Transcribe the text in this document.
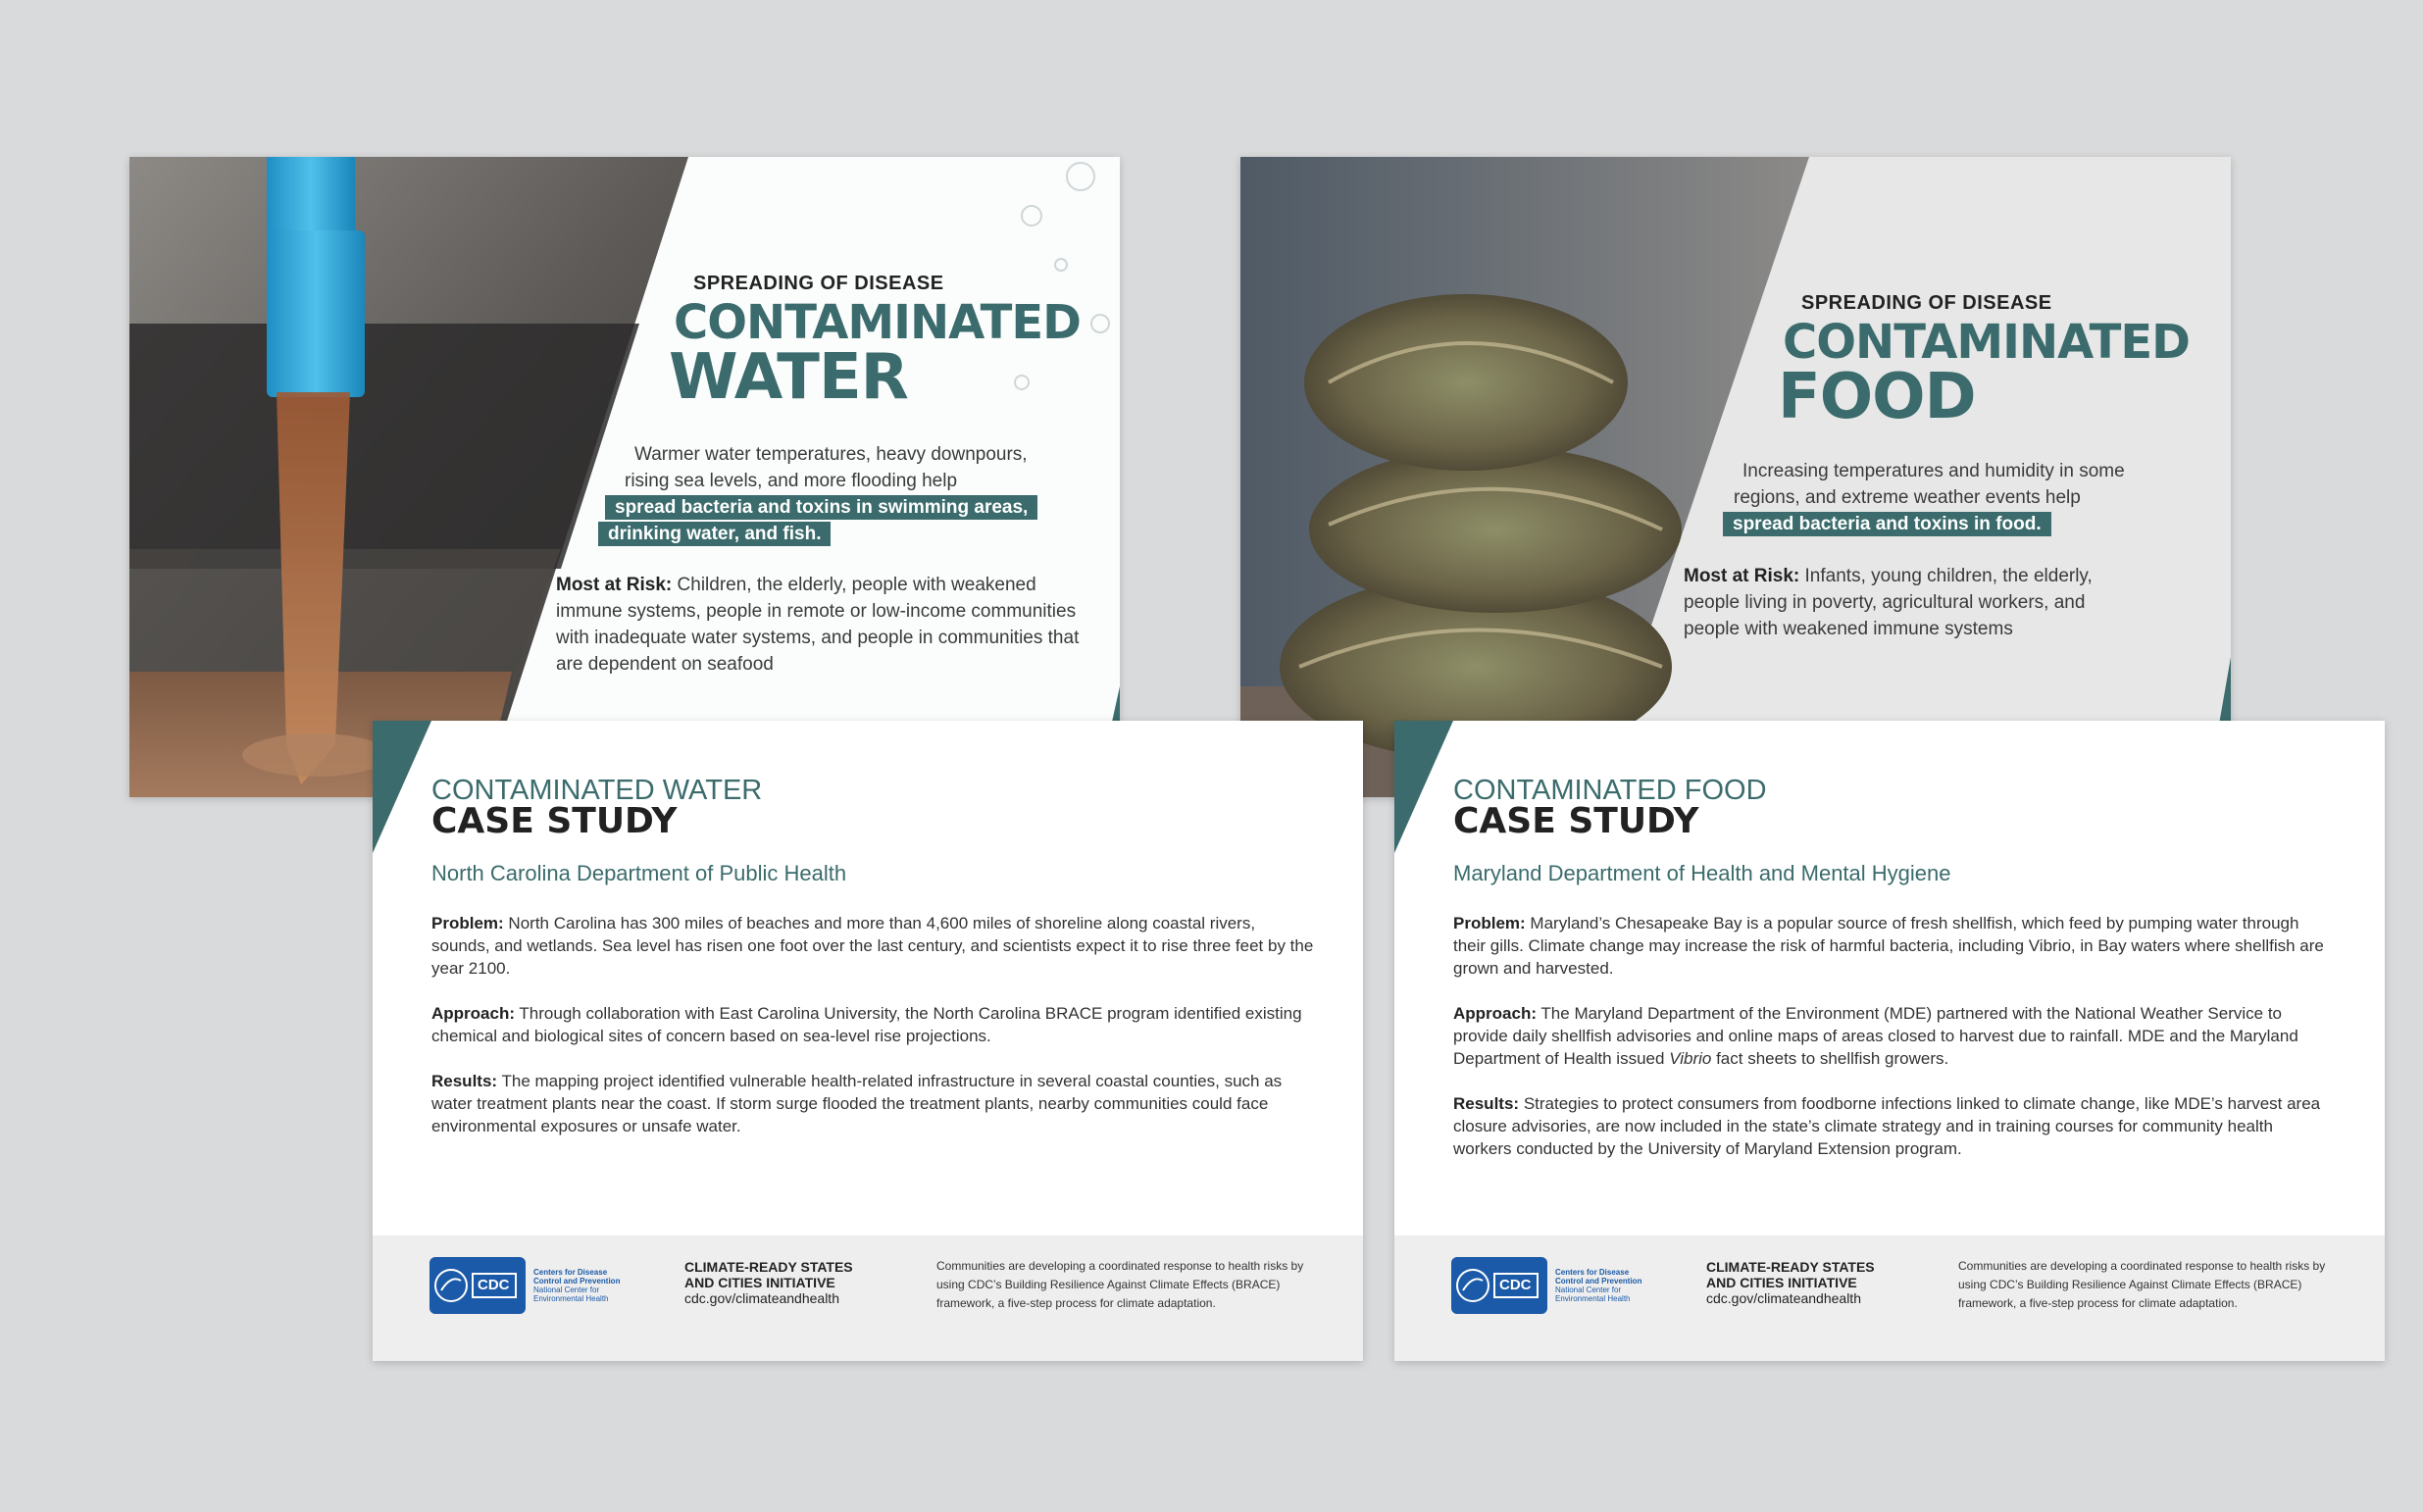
SPREADING OF DISEASE
CONTAMINATED
WATER
Warmer water temperatures, heavy downpours,
rising sea levels, and more flooding help
spread bacteria and toxins in swimming areas,
drinking water, and fish.
Most at Risk: Children, the elderly, people with weakened immune systems, people in remote or low-income communities with inadequate water systems, and people in communities that are dependent on seafood
SPREADING OF DISEASE
CONTAMINATED
FOOD
Increasing temperatures and humidity in some
regions, and extreme weather events help
spread bacteria and toxins in food.
Most at Risk: Infants, young children, the elderly, people living in poverty, agricultural workers, and people with weakened immune systems
CONTAMINATED WATER
CASE STUDY
North Carolina Department of Public Health

Problem: North Carolina has 300 miles of beaches and more than 4,600 miles of shoreline along coastal rivers, sounds, and wetlands. Sea level has risen one foot over the last century, and scientists expect it to rise three feet by the year 2100.

Approach: Through collaboration with East Carolina University, the North Carolina BRACE program identified existing chemical and biological sites of concern based on sea-level rise projections.

Results: The mapping project identified vulnerable health-related infrastructure in several coastal counties, such as water treatment plants near the coast. If storm surge flooded the treatment plants, nearby communities could face environmental exposures or unsafe water.

CDC
Centers for Disease
Control and Prevention
National Center for
Environmental Health
CLIMATE-READY STATES
AND CITIES INITIATIVE
cdc.gov/climateandhealth
Communities are developing a coordinated response to health risks by using CDC’s Building Resilience Against Climate Effects (BRACE) framework, a five-step process for climate adaptation.
CONTAMINATED FOOD
CASE STUDY
Maryland Department of Health and Mental Hygiene

Problem: Maryland’s Chesapeake Bay is a popular source of fresh shellfish, which feed by pumping water through their gills. Climate change may increase the risk of harmful bacteria, including Vibrio, in Bay waters where shellfish are grown and harvested.

Approach: The Maryland Department of the Environment (MDE) partnered with the National Weather Service to provide daily shellfish advisories and online maps of areas closed to harvest due to rainfall. MDE and the Maryland Department of Health issued Vibrio fact sheets to shellfish growers.

Results: Strategies to protect consumers from foodborne infections linked to climate change, like MDE’s harvest area closure advisories, are now included in the state’s climate strategy and in training courses for community health workers conducted by the University of Maryland Extension program.

CDC
Centers for Disease
Control and Prevention
National Center for
Environmental Health
CLIMATE-READY STATES
AND CITIES INITIATIVE
cdc.gov/climateandhealth
Communities are developing a coordinated response to health risks by using CDC’s Building Resilience Against Climate Effects (BRACE) framework, a five-step process for climate adaptation.
